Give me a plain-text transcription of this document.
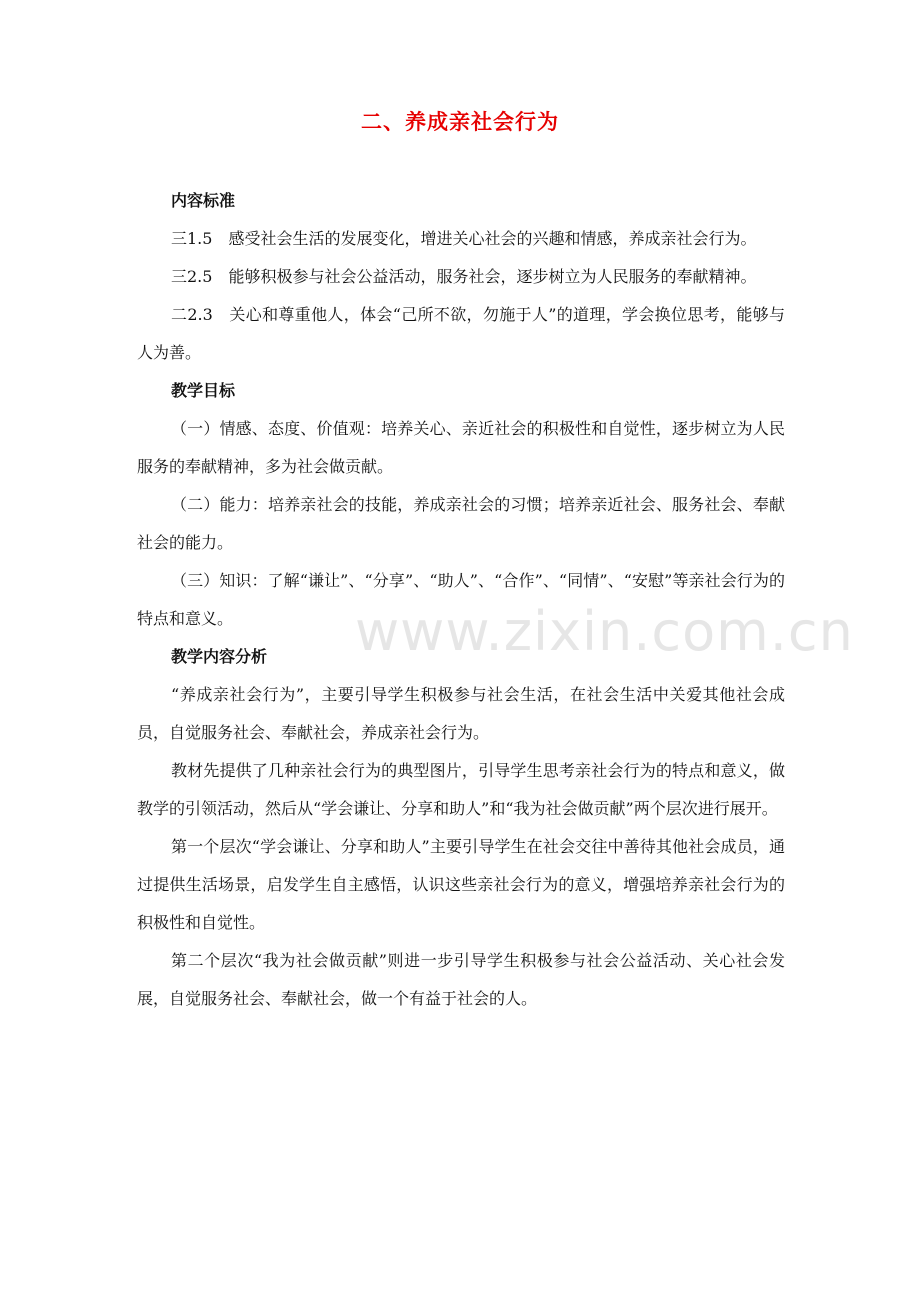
二、养成亲社会行为

内容标准

三1.5　感受社会生活的发展变化，增进关心社会的兴趣和情感，养成亲社会行为。

三2.5　能够积极参与社会公益活动，服务社会，逐步树立为人民服务的奉献精神。

二2.3　关心和尊重他人，体会“己所不欲，勿施于人”的道理，学会换位思考，能够与人为善。

教学目标

（一）情感、态度、价值观：培养关心、亲近社会的积极性和自觉性，逐步树立为人民服务的奉献精神，多为社会做贡献。

（二）能力：培养亲社会的技能，养成亲社会的习惯；培养亲近社会、服务社会、奉献社会的能力。

（三）知识：了解“谦让”、“分享”、“助人”、“合作”、“同情”、“安慰”等亲社会行为的特点和意义。

教学内容分析

“养成亲社会行为”，主要引导学生积极参与社会生活，在社会生活中关爱其他社会成员，自觉服务社会、奉献社会，养成亲社会行为。

教材先提供了几种亲社会行为的典型图片，引导学生思考亲社会行为的特点和意义，做教学的引领活动，然后从“学会谦让、分享和助人”和“我为社会做贡献”两个层次进行展开。

第一个层次“学会谦让、分享和助人”主要引导学生在社会交往中善待其他社会成员，通过提供生活场景，启发学生自主感悟，认识这些亲社会行为的意义，增强培养亲社会行为的积极性和自觉性。

第二个层次“我为社会做贡献”则进一步引导学生积极参与社会公益活动、关心社会发展，自觉服务社会、奉献社会，做一个有益于社会的人。

www.zixin.com.cn
